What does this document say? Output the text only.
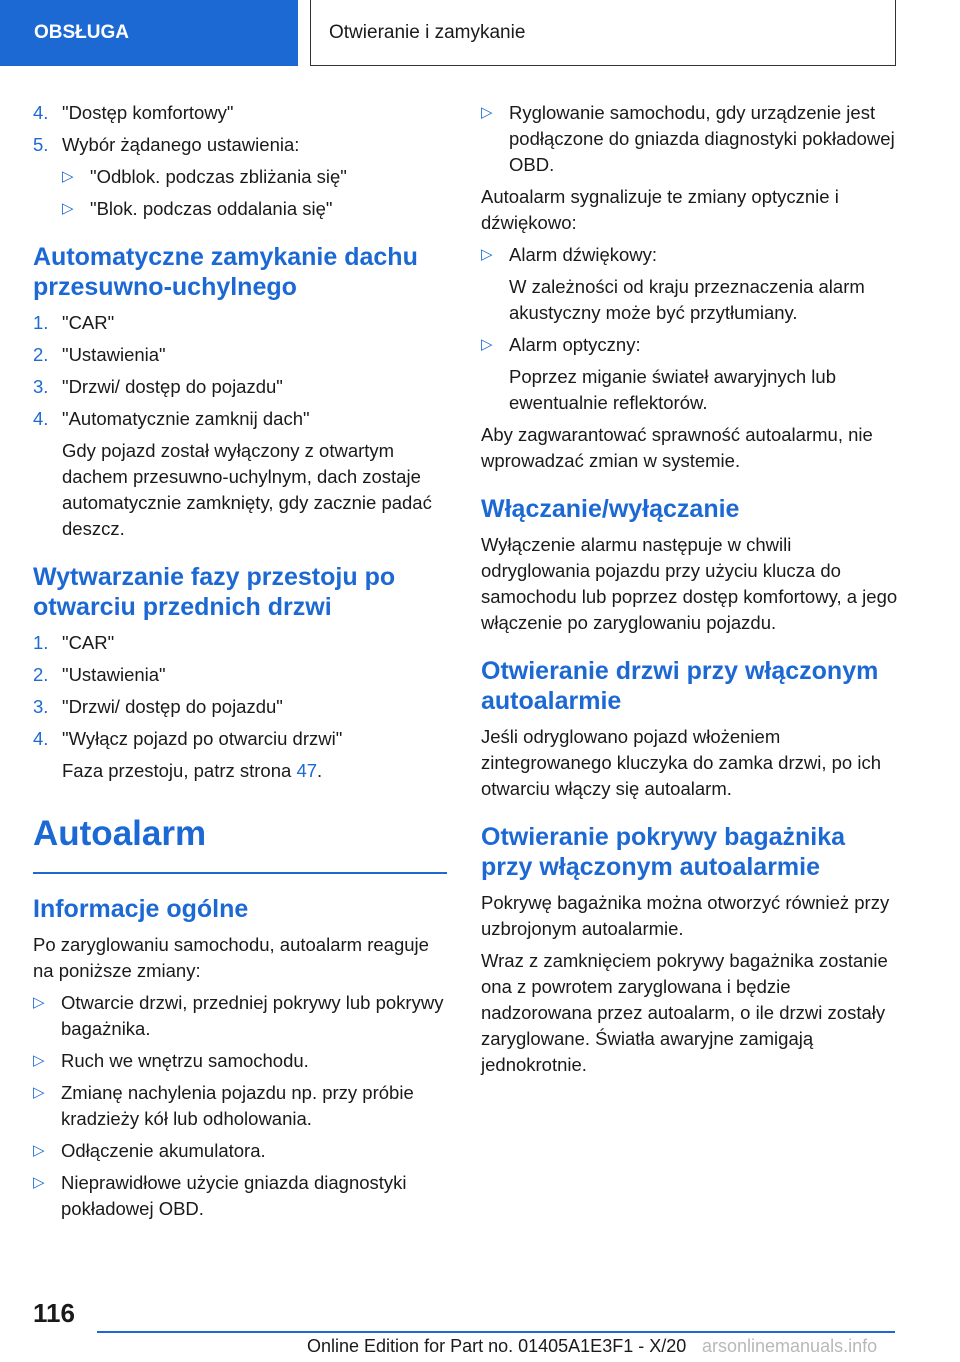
OBSŁUGA	Otwieranie i zamykanie
4. "Dostęp komfortowy"
5. Wybór żądanego ustawienia:
▷ "Odblok. podczas zbliżania się"
▷ "Blok. podczas oddalania się"
Automatyczne zamykanie dachu przesuwno-uchylnego
1. "CAR"
2. "Ustawienia"
3. "Drzwi/ dostęp do pojazdu"
4. "Automatycznie zamknij dach"
Gdy pojazd został wyłączony z otwartym dachem przesuwno-uchylnym, dach zostaje automatycznie zamknięty, gdy zacznie padać deszcz.
Wytwarzanie fazy przestoju po otwarciu przednich drzwi
1. "CAR"
2. "Ustawienia"
3. "Drzwi/ dostęp do pojazdu"
4. "Wyłącz pojazd po otwarciu drzwi"
Faza przestoju, patrz strona 47.
Autoalarm
Informacje ogólne
Po zaryglowaniu samochodu, autoalarm reaguje na poniższe zmiany:
▷ Otwarcie drzwi, przedniej pokrywy lub pokrywy bagażnika.
▷ Ruch we wnętrzu samochodu.
▷ Zmianę nachylenia pojazdu np. przy próbie kradzieży kół lub odholowania.
▷ Odłączenie akumulatora.
▷ Nieprawidłowe użycie gniazda diagnostyki pokładowej OBD.
▷ Ryglowanie samochodu, gdy urządzenie jest podłączone do gniazda diagnostyki pokładowej OBD.
Autoalarm sygnalizuje te zmiany optycznie i dźwiękowo:
▷ Alarm dźwiękowy:
W zależności od kraju przeznaczenia alarm akustyczny może być przytłumiany.
▷ Alarm optyczny:
Poprzez miganie świateł awaryjnych lub ewentualnie reflektorów.
Aby zagwarantować sprawność autoalarmu, nie wprowadzać zmian w systemie.
Włączanie/wyłączanie
Wyłączenie alarmu następuje w chwili odryglowania pojazdu przy użyciu klucza do samochodu lub poprzez dostęp komfortowy, a jego włączenie po zaryglowaniu pojazdu.
Otwieranie drzwi przy włączonym autoalarmie
Jeśli odryglowano pojazd włożeniem zintegrowanego kluczyka do zamka drzwi, po ich otwarciu włączy się autoalarm.
Otwieranie pokrywy bagażnika przy włączonym autoalarmie
Pokrywę bagażnika można otworzyć również przy uzbrojonym autoalarmie.
Wraz z zamknięciem pokrywy bagażnika zostanie ona z powrotem zaryglowana i będzie nadzorowana przez autoalarm, o ile drzwi zostały zaryglowane. Światła awaryjne zamigają jednokrotnie.
116
Online Edition for Part no. 01405A1E3F1 - X/20 arsonlinemanuals.info
